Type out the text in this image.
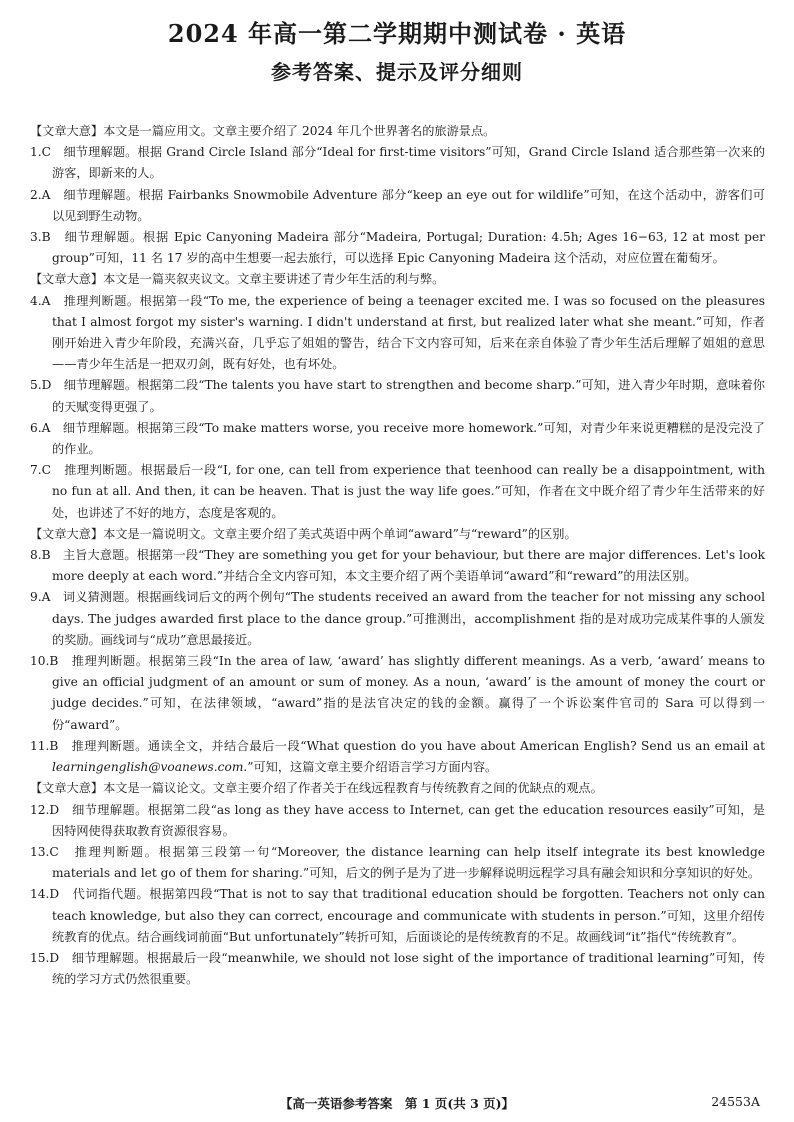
2024 年高一第二学期期中测试卷 · 英语
参考答案、提示及评分细则

【文章大意】本文是一篇应用文。文章主要介绍了 2024 年几个世界著名的旅游景点。

1.C　 细节理解题。根据 Grand Circle Island 部分“Ideal for first-time visitors”可知，Grand Circle Island 适合那些第一次来的游客，即新来的人。

2.A　 细节理解题。根据 Fairbanks Snowmobile Adventure 部分“keep an eye out for wildlife”可知，在这个活动中，游客们可以见到野生动物。

3.B　 细节理解题。根据 Epic Canyoning Madeira 部分“Madeira, Portugal; Duration: 4.5h; Ages 16−63, 12 at most per group”可知，11 名 17 岁的高中生想要一起去旅行，可以选择 Epic Canyoning Madeira 这个活动，对应位置在葡萄牙。

【文章大意】本文是一篇夹叙夹议文。文章主要讲述了青少年生活的利与弊。

4.A　 推理判断题。根据第一段“To me, the experience of being a teenager excited me. I was so focused on the pleasures that I almost forgot my sister's warning. I didn't understand at first, but realized later what she meant.”可知，作者刚开始进入青少年阶段，充满兴奋，几乎忘了姐姐的警告，结合下文内容可知，后来在亲自体验了青少年生活后理解了姐姐的意思——青少年生活是一把双刃剑，既有好处，也有坏处。

5.D　 细节理解题。根据第二段“The talents you have start to strengthen and become sharp.”可知，进入青少年时期，意味着你的天赋变得更强了。

6.A　 细节理解题。根据第三段“To make matters worse, you receive more homework.”可知，对青少年来说更糟糕的是没完没了的作业。

7.C　 推理判断题。根据最后一段“I, for one, can tell from experience that teenhood can really be a disappointment, with no fun at all. And then, it can be heaven. That is just the way life goes.”可知，作者在文中既介绍了青少年生活带来的好处，也讲述了不好的地方，态度是客观的。

【文章大意】本文是一篇说明文。文章主要介绍了美式英语中两个单词“award”与“reward”的区别。

8.B　 主旨大意题。根据第一段“They are something you get for your behaviour, but there are major differences. Let's look more deeply at each word.”并结合全文内容可知，本文主要介绍了两个美语单词“award”和“reward”的用法区别。

9.A　 词义猜测题。根据画线词后文的两个例句“The students received an award from the teacher for not missing any school days. The judges awarded first place to the dance group.”可推测出，accomplishment 指的是对成功完成某件事的人颁发的奖励。画线词与“成功”意思最接近。

10.B　 推理判断题。根据第三段“In the area of law, ‘award’ has slightly different meanings. As a verb, ‘award’ means to give an official judgment of an amount or sum of money. As a noun, ‘award’ is the amount of money the court or judge decides.”可知，在法律领域，“award”指的是法官决定的钱的金额。赢得了一个诉讼案件官司的 Sara 可以得到一份“award”。

11.B　 推理判断题。通读全文，并结合最后一段“What question do you have about American English? Send us an email at learningenglish@voanews.com.”可知，这篇文章主要介绍语言学习方面内容。

【文章大意】本文是一篇议论文。文章主要介绍了作者关于在线远程教育与传统教育之间的优缺点的观点。

12.D　 细节理解题。根据第二段“as long as they have access to Internet, can get the education resources easily”可知，是因特网使得获取教育资源很容易。

13.C　 推理判断题。根据第三段第一句“Moreover, the distance learning can help itself integrate its best knowledge materials and let go of them for sharing.”可知，后文的例子是为了进一步解释说明远程学习具有融会知识和分享知识的好处。

14.D　 代词指代题。根据第四段“That is not to say that traditional education should be forgotten. Teachers not only can teach knowledge, but also they can correct, encourage and communicate with students in person.”可知，这里介绍传统教育的优点。结合画线词前面“But unfortunately”转折可知，后面谈论的是传统教育的不足。故画线词“it”指代“传统教育”。

15.D　 细节理解题。根据最后一段“meanwhile, we should not lose sight of the importance of traditional learning”可知，传统的学习方式仍然很重要。

【高一英语参考答案　第 1 页(共 3 页)】	24553A
